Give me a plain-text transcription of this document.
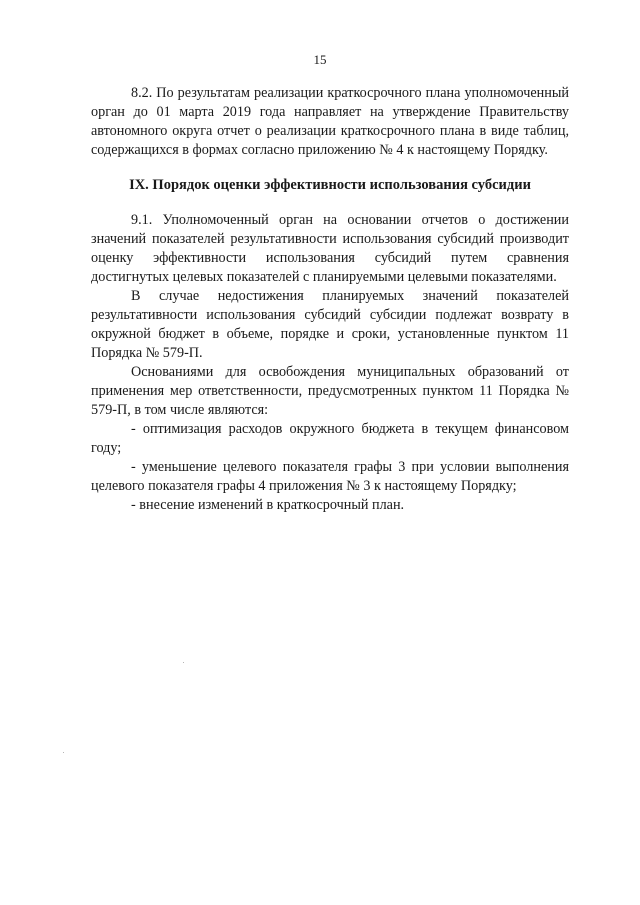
15

8.2. По результатам реализации краткосрочного плана уполномоченный орган до 01 марта 2019 года направляет на утверждение Правительству автономного округа отчет о реализации краткосрочного плана в виде таблиц, содержащихся в формах согласно приложению № 4 к настоящему Порядку.

IX. Порядок оценки эффективности использования субсидии

9.1. Уполномоченный орган на основании отчетов о достижении значений показателей результативности использования субсидий производит оценку эффективности использования субсидий путем сравнения достигнутых целевых показателей с планируемыми целевыми показателями.

В случае недостижения планируемых значений показателей результативности использования субсидий субсидии подлежат возврату в окружной бюджет в объеме, порядке и сроки, установленные пунктом 11 Порядка № 579-П.

Основаниями для освобождения муниципальных образований от применения мер ответственности, предусмотренных пунктом 11 Порядка № 579-П, в том числе являются:

- оптимизация расходов окружного бюджета в текущем финансовом году;

- уменьшение целевого показателя графы 3 при условии выполнения целевого показателя графы 4 приложения № 3 к настоящему Порядку;

- внесение изменений в краткосрочный план.
